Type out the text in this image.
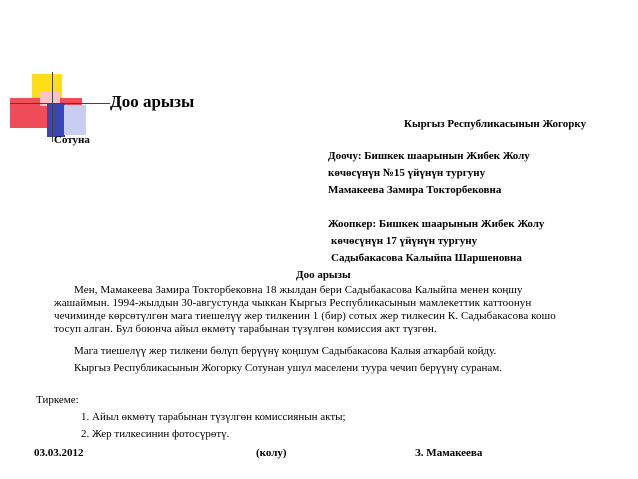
Доо арызы
Кыргыз Республикасынын Жогорку
Сотуна
Доочу: Бишкек шаарынын Жибек Жолу
көчөсүнүн №15 үйүнүн тургуну
Мамакеева Замира Токторбековна
Жоопкер: Бишкек шаарынын Жибек Жолу
көчөсүнүн 17 үйүнүн тургуну
Садыбакасова Калыйпа Шаршеновна
Доо арызы
Мен, Мамакеева Замира Токторбековна 18 жылдан бери Садыбакасова Калыйпа менен коңшу
жашаймын. 1994-жылдын 30-августунда чыккан Кыргыз Республикасынын мамлекеттик каттоонун
чечиминде көрсөтүлгөн мага тиешелүү жер тилкенин 1 (бир) сотых жер тилкесин К. Садыбакасова кошо
тосуп алган. Бул боюнча айыл өкмөтү тарабынан түзүлгөн комиссия акт түзгөн.
Мага тиешелүү жер тилкени бөлүп берүүнү коңшум Садыбакасова Калыя аткарбай койду.
Кыргыз Республикасынын Жогорку Сотунан ушул маселени туура чечип берүүнү суранам.
Тиркеме:
1. Айыл өкмөтү тарабынан түзүлгөн комиссиянын акты;
2. Жер тилкесинин фотосүрөтү.
03.03.2012	(колу)	З. Мамакеева
